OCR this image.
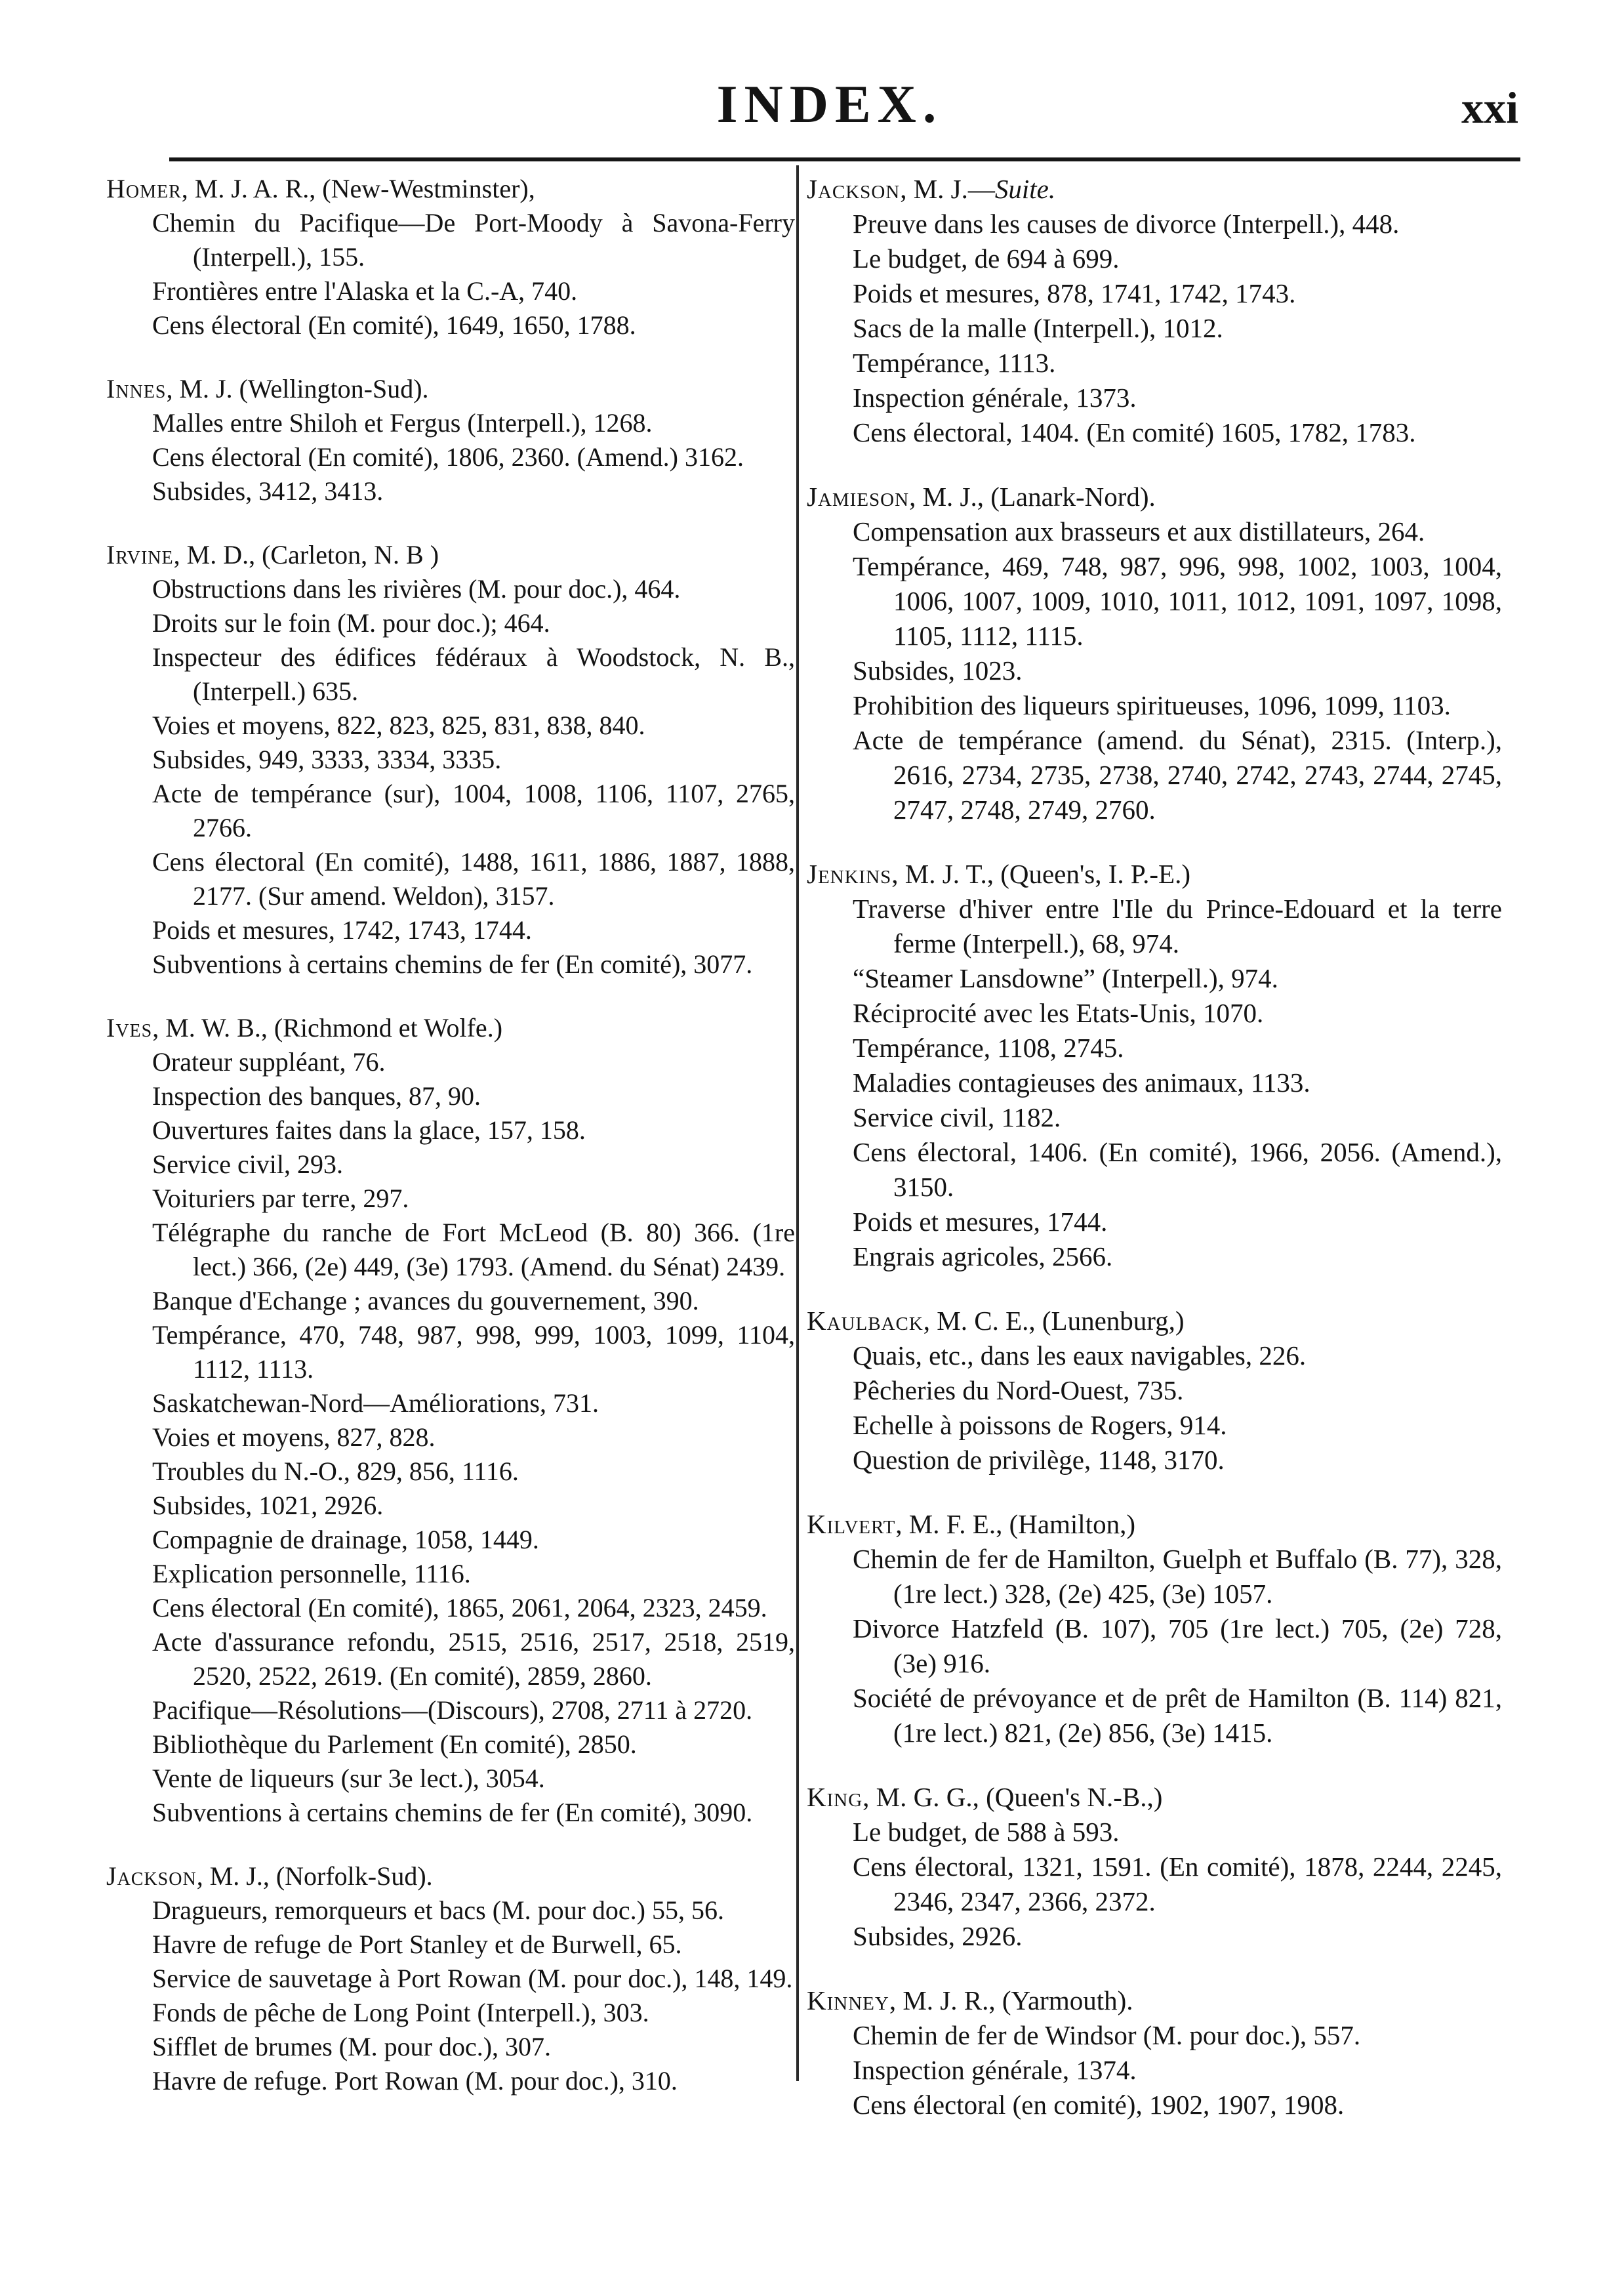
INDEX.	xxi
Homer, M. J. A. R., (New-Westminster),
Chemin du Pacifique—De Port-Moody à Savona-Ferry (Interpell.), 155.
Frontières entre l'Alaska et la C.-A, 740.
Cens électoral (En comité), 1649, 1650, 1788.
Innes, M. J. (Wellington-Sud).
Malles entre Shiloh et Fergus (Interpell.), 1268.
Cens électoral (En comité), 1806, 2360. (Amend.) 3162.
Subsides, 3412, 3413.
Irvine, M. D., (Carleton, N. B )
Obstructions dans les rivières (M. pour doc.), 464.
Droits sur le foin (M. pour doc.); 464.
Inspecteur des édifices fédéraux à Woodstock, N. B., (Interpell.) 635.
Voies et moyens, 822, 823, 825, 831, 838, 840.
Subsides, 949, 3333, 3334, 3335.
Acte de tempérance (sur), 1004, 1008, 1106, 1107, 2765, 2766.
Cens électoral (En comité), 1488, 1611, 1886, 1887, 1888, 2177. (Sur amend. Weldon), 3157.
Poids et mesures, 1742, 1743, 1744.
Subventions à certains chemins de fer (En comité), 3077.
Ives, M. W. B., (Richmond et Wolfe.)
Orateur suppléant, 76.
Inspection des banques, 87, 90.
Ouvertures faites dans la glace, 157, 158.
Service civil, 293.
Voituriers par terre, 297.
Télégraphe du ranche de Fort McLeod (B. 80) 366. (1re lect.) 366, (2e) 449, (3e) 1793. (Amend. du Sénat) 2439.
Banque d'Echange ; avances du gouvernement, 390.
Tempérance, 470, 748, 987, 998, 999, 1003, 1099, 1104, 1112, 1113.
Saskatchewan-Nord—Améliorations, 731.
Voies et moyens, 827, 828.
Troubles du N.-O., 829, 856, 1116.
Subsides, 1021, 2926.
Compagnie de drainage, 1058, 1449.
Explication personnelle, 1116.
Cens électoral (En comité), 1865, 2061, 2064, 2323, 2459.
Acte d'assurance refondu, 2515, 2516, 2517, 2518, 2519, 2520, 2522, 2619. (En comité), 2859, 2860.
Pacifique—Résolutions—(Discours), 2708, 2711 à 2720.
Bibliothèque du Parlement (En comité), 2850.
Vente de liqueurs (sur 3e lect.), 3054.
Subventions à certains chemins de fer (En comité), 3090.
Jackson, M. J., (Norfolk-Sud).
Dragueurs, remorqueurs et bacs (M. pour doc.) 55, 56.
Havre de refuge de Port Stanley et de Burwell, 65.
Service de sauvetage à Port Rowan (M. pour doc.), 148, 149.
Fonds de pêche de Long Point (Interpell.), 303.
Sifflet de brumes (M. pour doc.), 307.
Havre de refuge. Port Rowan (M. pour doc.), 310.
Jackson, M. J.—Suite.
Preuve dans les causes de divorce (Interpell.), 448.
Le budget, de 694 à 699.
Poids et mesures, 878, 1741, 1742, 1743.
Sacs de la malle (Interpell.), 1012.
Tempérance, 1113.
Inspection générale, 1373.
Cens électoral, 1404. (En comité) 1605, 1782, 1783.
Jamieson, M. J., (Lanark-Nord).
Compensation aux brasseurs et aux distillateurs, 264.
Tempérance, 469, 748, 987, 996, 998, 1002, 1003, 1004, 1006, 1007, 1009, 1010, 1011, 1012, 1091, 1097, 1098, 1105, 1112, 1115.
Subsides, 1023.
Prohibition des liqueurs spiritueuses, 1096, 1099, 1103.
Acte de tempérance (amend. du Sénat), 2315. (Interp.), 2616, 2734, 2735, 2738, 2740, 2742, 2743, 2744, 2745, 2747, 2748, 2749, 2760.
Jenkins, M. J. T., (Queen's, I. P.-E.)
Traverse d'hiver entre l'Ile du Prince-Edouard et la terre ferme (Interpell.), 68, 974.
“Steamer Lansdowne” (Interpell.), 974.
Réciprocité avec les Etats-Unis, 1070.
Tempérance, 1108, 2745.
Maladies contagieuses des animaux, 1133.
Service civil, 1182.
Cens électoral, 1406. (En comité), 1966, 2056. (Amend.), 3150.
Poids et mesures, 1744.
Engrais agricoles, 2566.
Kaulback, M. C. E., (Lunenburg,)
Quais, etc., dans les eaux navigables, 226.
Pêcheries du Nord-Ouest, 735.
Echelle à poissons de Rogers, 914.
Question de privilège, 1148, 3170.
Kilvert, M. F. E., (Hamilton,)
Chemin de fer de Hamilton, Guelph et Buffalo (B. 77), 328, (1re lect.) 328, (2e) 425, (3e) 1057.
Divorce Hatzfeld (B. 107), 705 (1re lect.) 705, (2e) 728, (3e) 916.
Société de prévoyance et de prêt de Hamilton (B. 114) 821, (1re lect.) 821, (2e) 856, (3e) 1415.
King, M. G. G., (Queen's N.-B.,)
Le budget, de 588 à 593.
Cens électoral, 1321, 1591. (En comité), 1878, 2244, 2245, 2346, 2347, 2366, 2372.
Subsides, 2926.
Kinney, M. J. R., (Yarmouth).
Chemin de fer de Windsor (M. pour doc.), 557.
Inspection générale, 1374.
Cens électoral (en comité), 1902, 1907, 1908.
